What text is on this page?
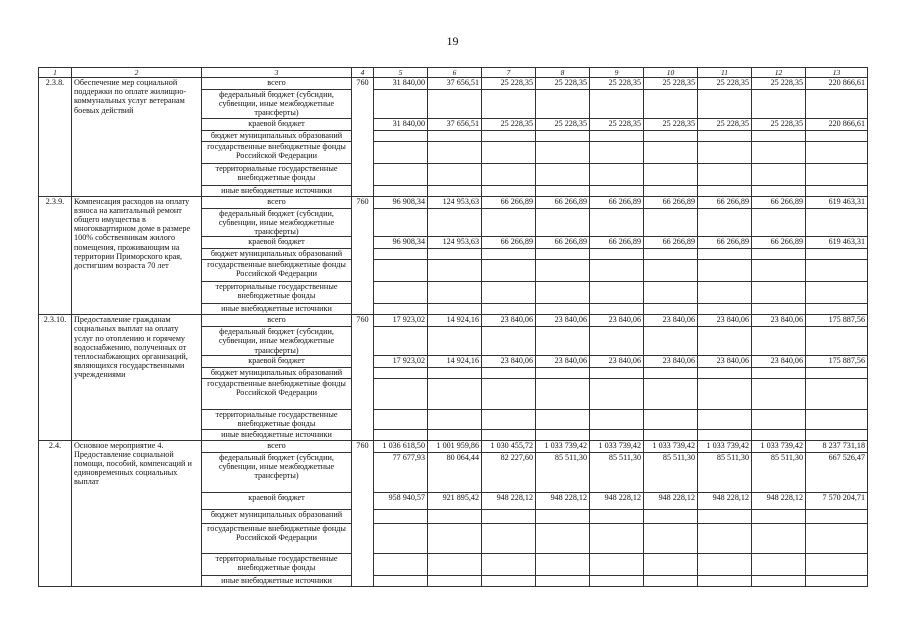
19
1	2	3	4	5	6	7	8	9	10	11	12	13
2.3.8.	Обеспечение мер социальной поддержки по оплате жилищно-коммунальных услуг ветеранам боевых действий	всего	760	31 840,00	37 656,51	25 228,35	25 228,35	25 228,35	25 228,35	25 228,35	25 228,35	220 866,61
		федеральный бюджет (субсидии, субвенции, иные межбюджетные трансферты)										
		краевой бюджет		31 840,00	37 656,51	25 228,35	25 228,35	25 228,35	25 228,35	25 228,35	25 228,35	220 866,61
		бюджет муниципальных образований										
		государственные внебюджетные фонды Российской Федерации										
		территориальные государственные внебюджетные фонды										
		иные внебюджетные источники										
2.3.9.	Компенсация расходов на оплату взноса на капитальный ремонт общего имущества в многоквартирном доме в размере 100% собственникам жилого помещения, проживающим на территории Приморского края, достигшим возраста 70 лет	всего	760	96 908,34	124 953,63	66 266,89	66 266,89	66 266,89	66 266,89	66 266,89	66 266,89	619 463,31
		федеральный бюджет (субсидии, субвенции, иные межбюджетные трансферты)										
		краевой бюджет		96 908,34	124 953,63	66 266,89	66 266,89	66 266,89	66 266,89	66 266,89	66 266,89	619 463,31
		бюджет муниципальных образований										
		государственные внебюджетные фонды Российской Федерации										
		территориальные государственные внебюджетные фонды										
		иные внебюджетные источники										
2.3.10.	Предоставление гражданам социальных выплат на оплату услуг по отоплению и горячему водоснабжению, полученных от теплоснабжающих организаций, являющихся государственными учреждениями	всего	760	17 923,02	14 924,16	23 840,06	23 840,06	23 840,06	23 840,06	23 840,06	23 840,06	175 887,56
		федеральный бюджет (субсидии, субвенции, иные межбюджетные трансферты)										
		краевой бюджет		17 923,02	14 924,16	23 840,06	23 840,06	23 840,06	23 840,06	23 840,06	23 840,06	175 887,56
		бюджет муниципальных образований										
		государственные внебюджетные фонды Российской Федерации										
		территориальные государственные внебюджетные фонды										
		иные внебюджетные источники										
2.4.	Основное мероприятие 4. Предоставление социальной помощи, пособий, компенсаций и единовременных социальных выплат	всего	760	1 036 618,50	1 001 959,86	1 030 455,72	1 033 739,42	1 033 739,42	1 033 739,42	1 033 739,42	1 033 739,42	8 237 731,18
		федеральный бюджет (субсидии, субвенции, иные межбюджетные трансферты)		77 677,93	80 064,44	82 227,60	85 511,30	85 511,30	85 511,30	85 511,30	85 511,30	667 526,47
		краевой бюджет		958 940,57	921 895,42	948 228,12	948 228,12	948 228,12	948 228,12	948 228,12	948 228,12	7 570 204,71
		бюджет муниципальных образований										
		государственные внебюджетные фонды Российской Федерации										
		территориальные государственные внебюджетные фонды										
		иные внебюджетные источники										
